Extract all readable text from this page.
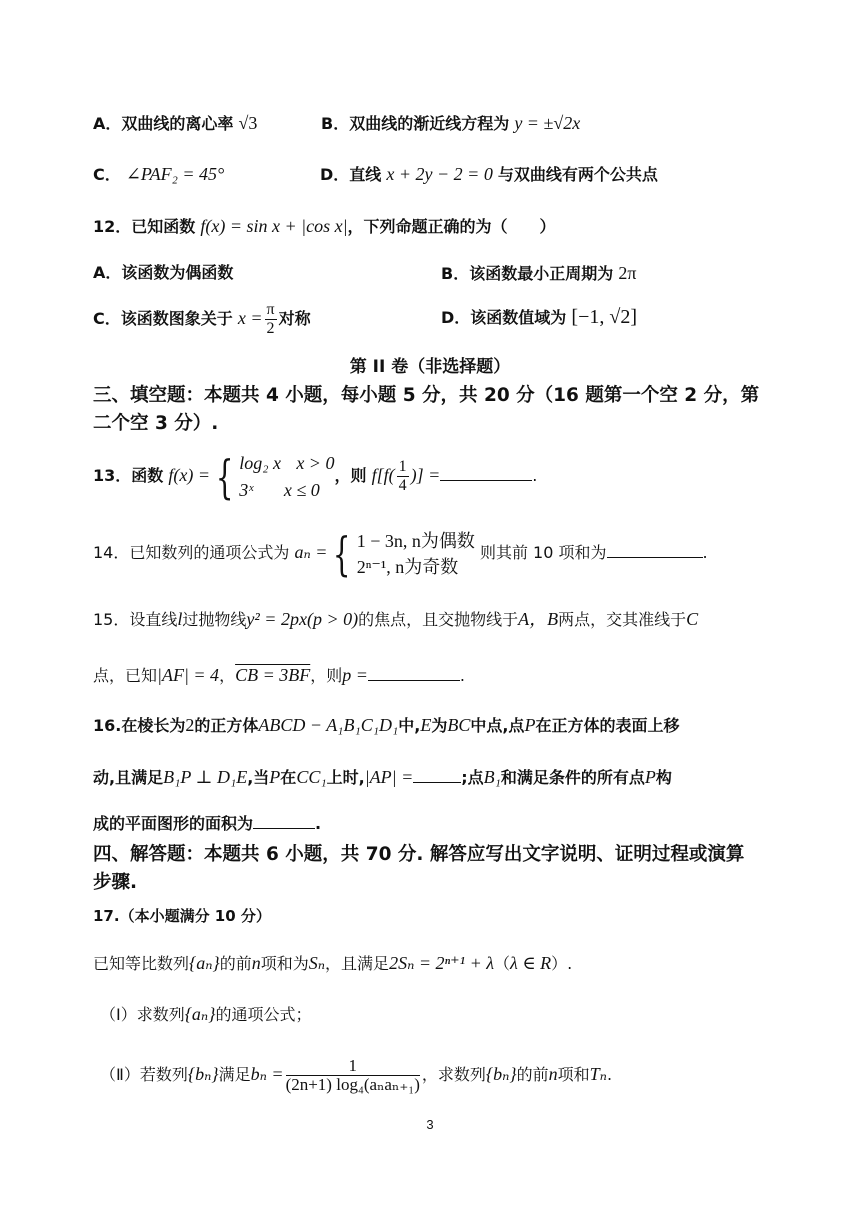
A．双曲线的离心率 √3	B．双曲线的渐近线方程为 y = ±√2x
C． ∠PAF₂ = 45°	D．直线 x + 2y − 2 = 0 与双曲线有两个公共点
12．已知函数 f(x) = sin x + |cos x|，下列命题正确的为（　　）
A．该函数为偶函数	B．该函数最小正周期为 2π
C．该函数图象关于 $x = \frac{\pi}{2}$ 对称	D．该函数值域为 [−1, √2]
第 II 卷（非选择题）
三、填空题：本题共 4 小题，每小题 5 分，共 20 分（16 题第一个空 2 分，第
二个空 3 分）.
13．函数 f(x) = { log₂ x x > 0
3ˣ x ≤ 0
，则 $f[f( \frac{1}{4}$ )] =	.
14．已知数列的通项公式为 aₙ = { 1 − 3n, n为偶数
2ⁿ⁻¹, n为奇数
则其前 10 项和为	.
15．设直线l过抛物线y² = 2px(p > 0)的焦点，且交抛物线于A，B两点，交其准线于C
点，已知|AF| = 4，CB = 3BF，则p =	.
16.在棱长为2的正方体ABCD − A₁B₁C₁D₁中,E为BC中点,点P在正方体的表面上移
动,且满足B₁P ⊥ D₁E,当P在CC₁上时,|AP| =	;点B₁和满足条件的所有点P构
成的平面图形的面积为	.
四、解答题：本题共 6 小题，共 70 分. 解答应写出文字说明、证明过程或演算
步骤.
17.（本小题满分 10 分）
已知等比数列{aₙ}的前n项和为Sₙ，且满足2Sₙ = 2ⁿ⁺¹ + λ（λ ∈ R）.
（Ⅰ）求数列{aₙ}的通项公式；
（Ⅱ）若数列{bₙ}满足$b_n = \frac{1}{\text{(2n+1) log₄(aₙaₙ₊₁)}}$ ，求数列{bₙ}的前n项和Tₙ.
3
